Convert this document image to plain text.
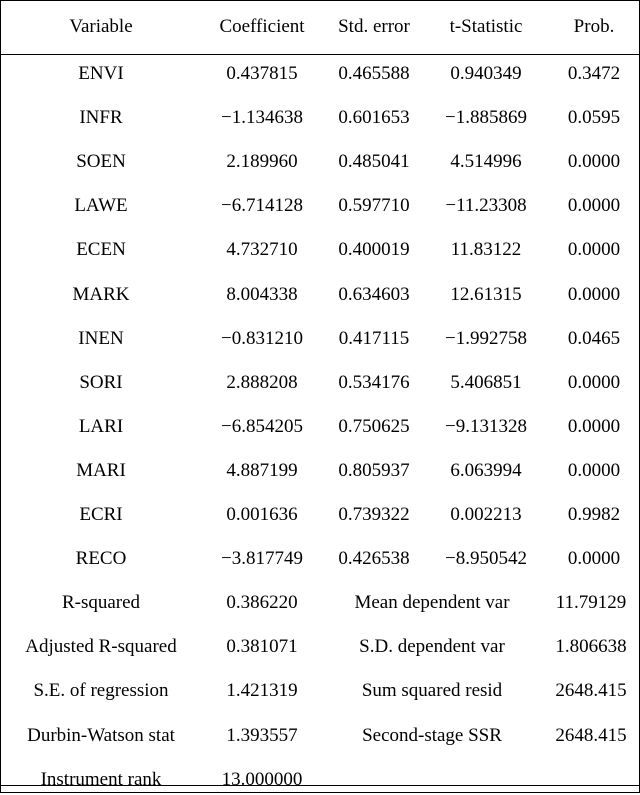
Variable	Coefficient	Std. error	t-Statistic	Prob.
ENVI	0.437815	0.465588	0.940349	0.3472
INFR	−1.134638	0.601653	−1.885869	0.0595
SOEN	2.189960	0.485041	4.514996	0.0000
LAWE	−6.714128	0.597710	−11.23308	0.0000
ECEN	4.732710	0.400019	11.83122	0.0000
MARK	8.004338	0.634603	12.61315	0.0000
INEN	−0.831210	0.417115	−1.992758	0.0465
SORI	2.888208	0.534176	5.406851	0.0000
LARI	−6.854205	0.750625	−9.131328	0.0000
MARI	4.887199	0.805937	6.063994	0.0000
ECRI	0.001636	0.739322	0.002213	0.9982
RECO	−3.817749	0.426538	−8.950542	0.0000
R-squared	0.386220	Mean dependent var	11.79129
Adjusted R-squared	0.381071	S.D. dependent var	1.806638
S.E. of regression	1.421319	Sum squared resid	2648.415
Durbin-Watson stat	1.393557	Second-stage SSR	2648.415
Instrument rank	13.000000
